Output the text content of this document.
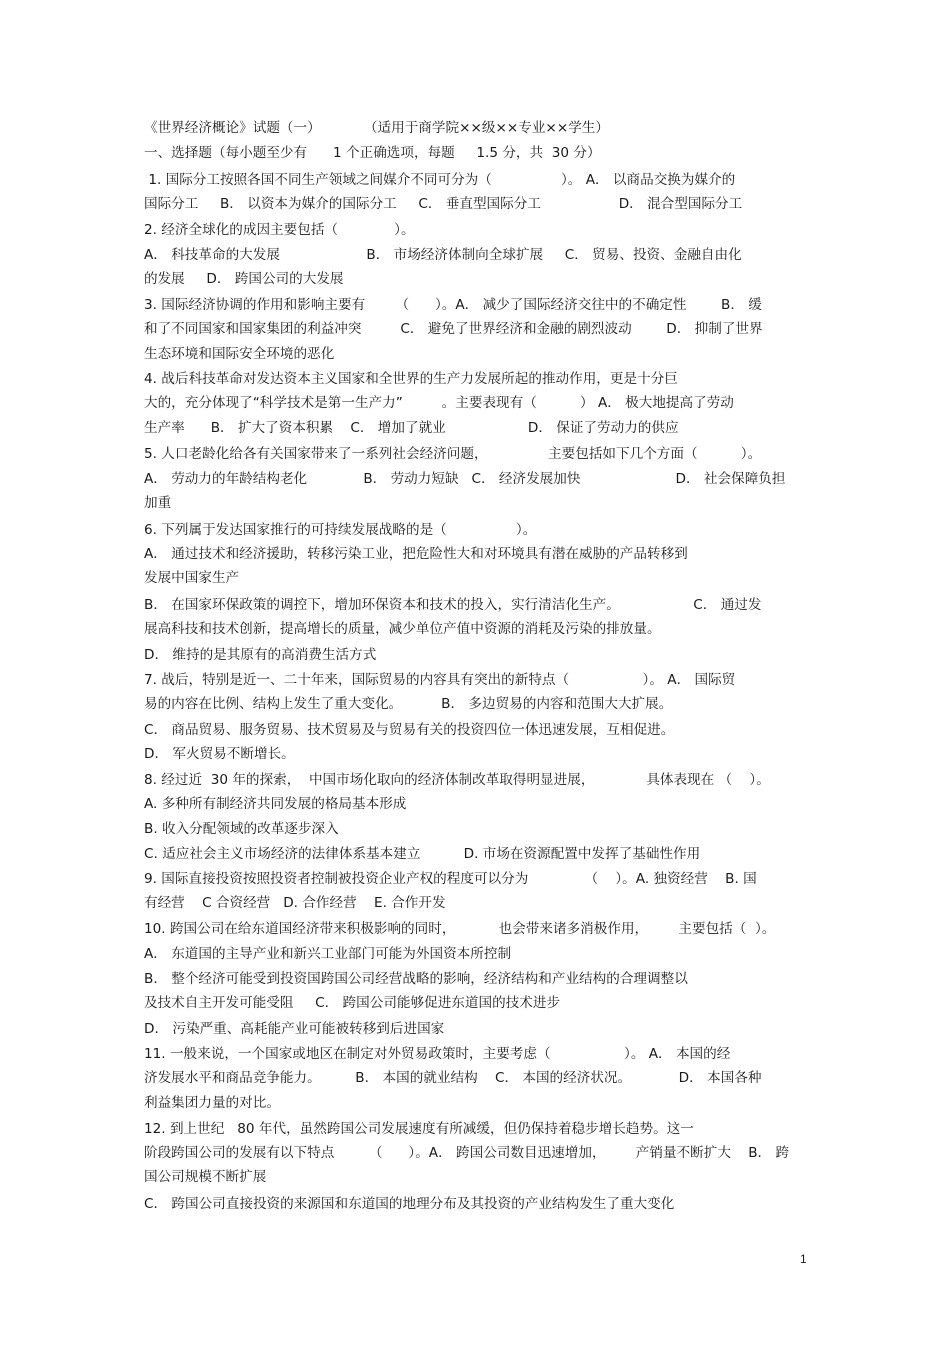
《世界经济概论》试题（一）          （适用于商学院××级××专业××学生）
一、选择题（每小题至少有      1 个正确选项，每题     1.5 分，共  30 分）
1. 国际分工按照各国不同生产领域之间媒介不同可分为（                ）。 A． 以商品交换为媒介的
国际分工     B． 以资本为媒介的国际分工     C． 垂直型国际分工                  D． 混合型国际分工
2. 经济全球化的成因主要包括（             ）。
A． 科技革命的大发展                    B． 市场经济体制向全球扩展     C． 贸易、投资、金融自由化
的发展     D． 跨国公司的大发展
3. 国际经济协调的作用和影响主要有       （      ）。A． 减少了国际经济交往中的不确定性        B． 缓
和了不同国家和国家集团的利益冲突         C． 避免了世界经济和金融的剧烈波动        D． 抑制了世界
生态环境和国际安全环境的恶化
4. 战后科技革命对发达资本主义国家和全世界的生产力发展所起的推动作用，更是十分巨
大的，充分体现了“科学技术是第一生产力”         。主要表现有（          ） A． 极大地提高了劳动
生产率      B． 扩大了资本积累    C． 增加了就业                   D． 保证了劳动力的供应
5. 人口老龄化给各有关国家带来了一系列社会经济问题，              主要包括如下几个方面（          ）。
A． 劳动力的年龄结构老化             B． 劳动力短缺   C． 经济发展加快                      D． 社会保障负担
加重
6. 下列属于发达国家推行的可持续发展战略的是（                ）。
A． 通过技术和经济援助，转移污染工业，把危险性大和对环境具有潜在威胁的产品转移到
发展中国家生产
B． 在国家环保政策的调控下，增加环保资本和技术的投入，实行清洁化生产。                 C． 通过发
展高科技和技术创新，提高增长的质量，减少单位产值中资源的消耗及污染的排放量。
D． 维持的是其原有的高消费生活方式
7. 战后，特别是近一、二十年来，国际贸易的内容具有突出的新特点（                 ）。 A． 国际贸
易的内容在比例、结构上发生了重大变化。         B． 多边贸易的内容和范围大大扩展。
C． 商品贸易、服务贸易、技术贸易及与贸易有关的投资四位一体迅速发展，互相促进。
D． 军火贸易不断增长。
8. 经过近  30 年的探索，  中国市场化取向的经济体制改革取得明显进展，            具体表现在 （    ）。
A. 多种所有制经济共同发展的格局基本形成
B. 收入分配领域的改革逐步深入
C. 适应社会主义市场经济的法律体系基本建立          D. 市场在资源配置中发挥了基础性作用
9. 国际直接投资按照投资者控制被投资企业产权的程度可以分为             （    ）。A. 独资经营    B. 国
有经营    C 合资经营   D. 合作经营    E. 合作开发
10. 跨国公司在给东道国经济带来积极影响的同时，          也会带来诸多消极作用，       主要包括（  ）。
A． 东道国的主导产业和新兴工业部门可能为外国资本所控制
B． 整个经济可能受到投资国跨国公司经营战略的影响，经济结构和产业结构的合理调整以
及技术自主开发可能受阻     C． 跨国公司能够促进东道国的技术进步
D． 污染严重、高耗能产业可能被转移到后进国家
11. 一般来说，一个国家或地区在制定对外贸易政策时，主要考虑（                 ）。 A． 本国的经
济发展水平和商品竞争能力。        B． 本国的就业结构    C． 本国的经济状况。           D． 本国各种
利益集团力量的对比。
12. 到上世纪   80 年代，虽然跨国公司发展速度有所减缓，但仍保持着稳步增长趋势。这一
阶段跨国公司的发展有以下特点        （      ）。A． 跨国公司数目迅速增加，       产销量不断扩大    B． 跨
国公司规模不断扩展
C． 跨国公司直接投资的来源国和东道国的地理分布及其投资的产业结构发生了重大变化
1
